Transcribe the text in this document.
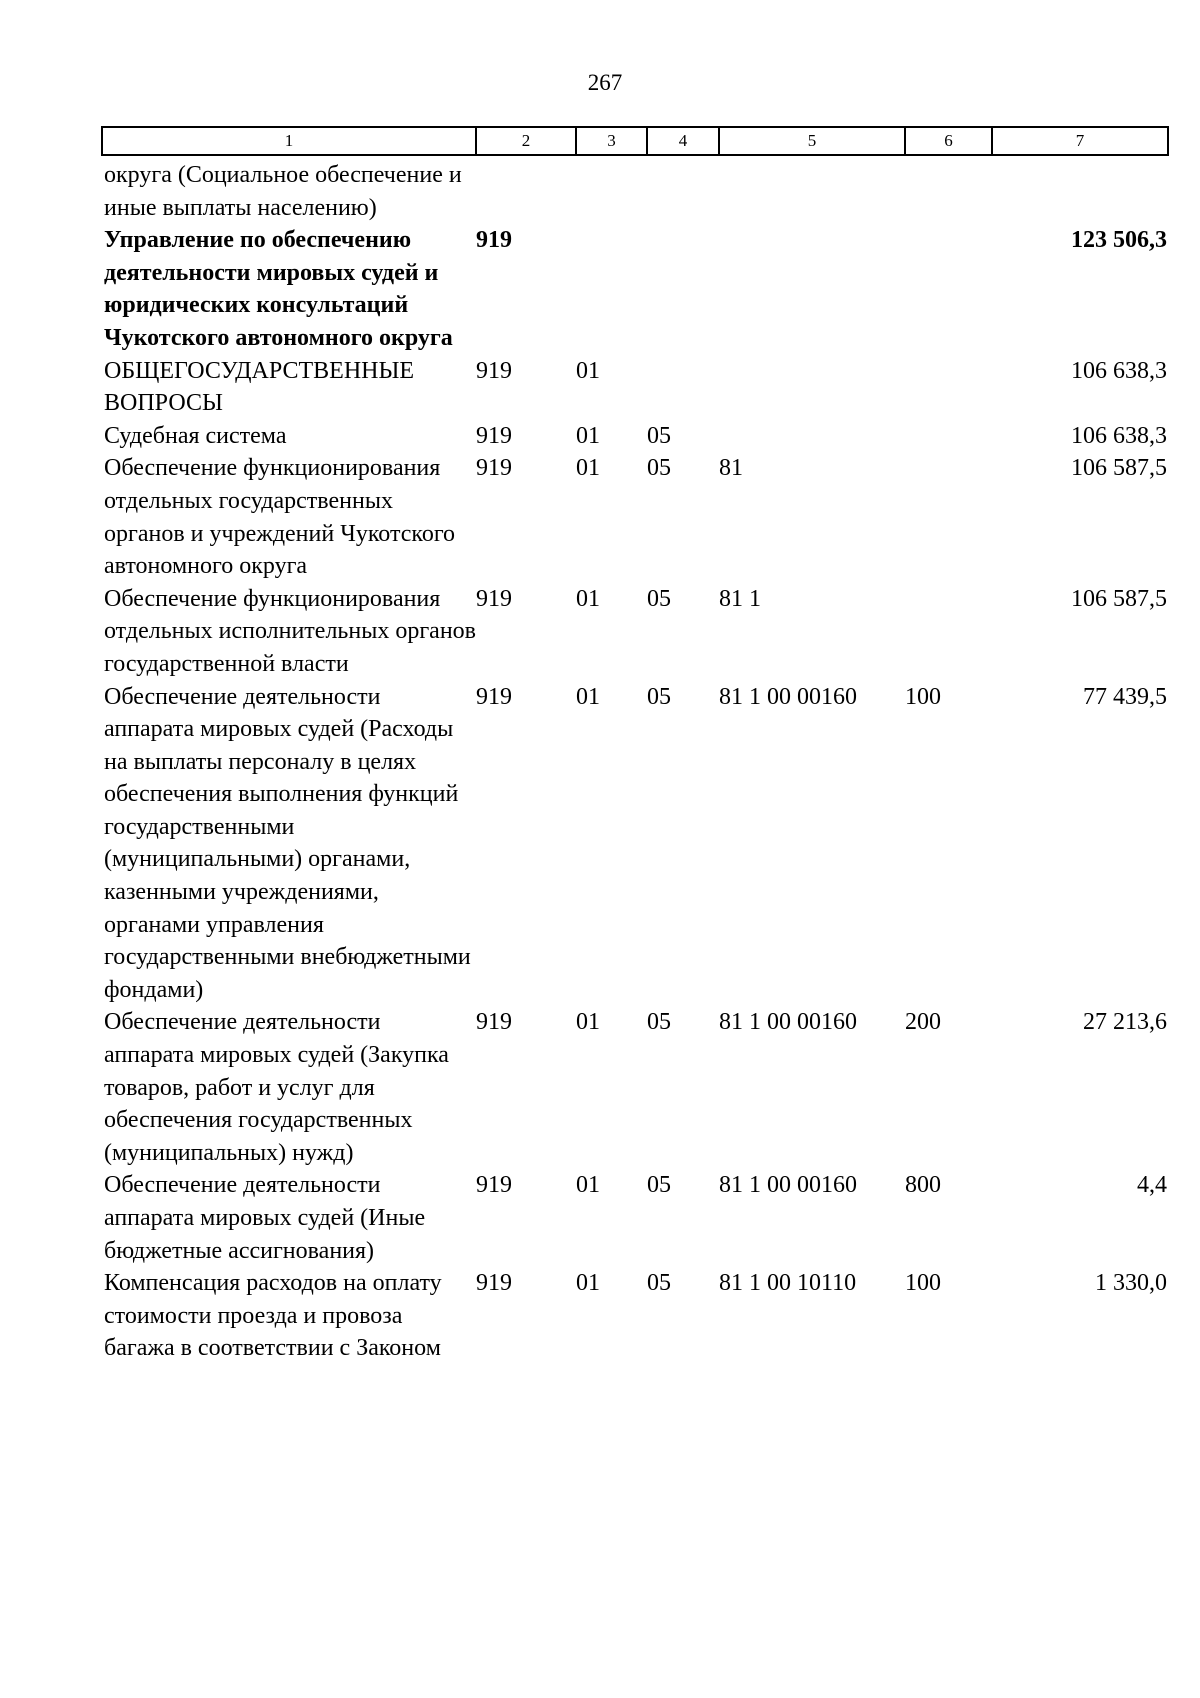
267
1	2	3	4	5	6	7
округа (Социальное обеспечение и иные выплаты населению)						
Управление по обеспечению деятельности мировых судей и юридических консультаций Чукотского автономного округа	919					123 506,3
ОБЩЕГОСУДАРСТВЕННЫЕ ВОПРОСЫ	919	01				106 638,3
Судебная система	919	01	05			106 638,3
Обеспечение функционирования отдельных государственных органов и учреждений Чукотского автономного округа	919	01	05	81		106 587,5
Обеспечение функционирования отдельных исполнительных органов государственной власти	919	01	05	81 1		106 587,5
Обеспечение деятельности аппарата мировых судей (Расходы на выплаты персоналу в целях обеспечения выполнения функций государственными (муниципальными) органами, казенными учреждениями, органами управления государственными внебюджетными фондами)	919	01	05	81 1 00 00160	100	77 439,5
Обеспечение деятельности аппарата мировых судей (Закупка товаров, работ и услуг для обеспечения государственных (муниципальных) нужд)	919	01	05	81 1 00 00160	200	27 213,6
Обеспечение деятельности аппарата мировых судей (Иные бюджетные ассигнования)	919	01	05	81 1 00 00160	800	4,4
Компенсация расходов на оплату стоимости проезда и провоза багажа в соответствии с Законом	919	01	05	81 1 00 10110	100	1 330,0
